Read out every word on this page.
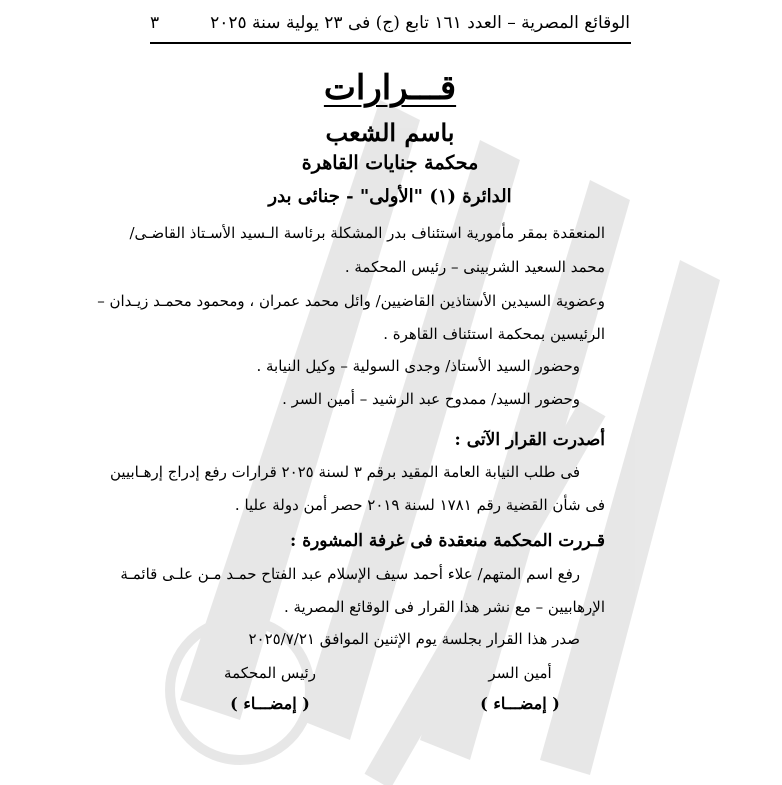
الوقائع المصرية – العدد ١٦١ تابع (ج) فى ٢٣ يولية سنة ٢٠٢٥
٣
قـــرارات
باسم الشعب
محكمة جنايات القاهرة
الدائرة (١) "الأولى" - جنائى بدر
المنعقدة بمقر مأمورية استئناف بدر المشكلة برئاسة الـسيد الأسـتاذ القاضـى/
محمد السعيد الشربينى – رئيس المحكمة .
وعضوية السيدين الأستاذين القاضيين/ وائل محمد عمران ، ومحمود محمـد زيـدان –
الرئيسين بمحكمة استئناف القاهرة .
وحضور السيد الأستاذ/ وجدى السولية – وكيل النيابة .
وحضور السيد/ ممدوح عبد الرشيد – أمين السر .
أصدرت القرار الآتى :
فى طلب النيابة العامة المقيد برقم ٣ لسنة ٢٠٢٥ قرارات رفع إدراج إرهـابيين
فى شأن القضية رقم ١٧٨١ لسنة ٢٠١٩ حصر أمن دولة عليا .
قـررت المحكمة منعقدة فى غرفة المشورة :
رفع اسم المتهم/ علاء أحمد سيف الإسلام عبد الفتاح حمـد مـن علـى قائمـة
الإرهابيين – مع نشر هذا القرار فى الوقائع المصرية .
صدر هذا القرار بجلسة يوم الإثنين الموافق ٢٠٢٥/٧/٢١
أمين السر
( إمضـــاء )
رئيس المحكمة
( إمضـــاء )
